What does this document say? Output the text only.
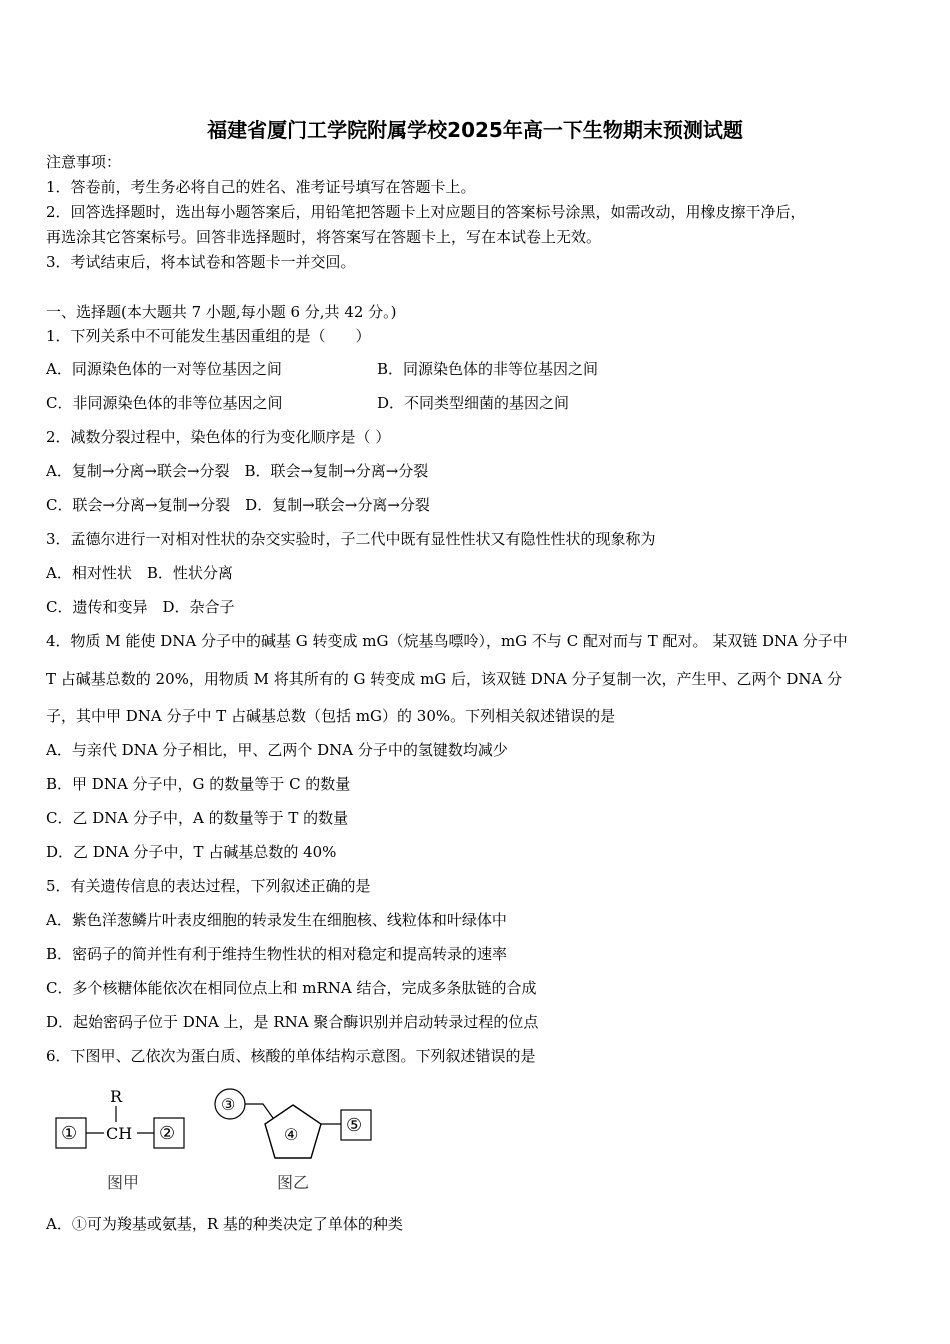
福建省厦门工学院附属学校2025年高一下生物期末预测试题
注意事项：
1．答卷前，考生务必将自己的姓名、准考证号填写在答题卡上。
2．回答选择题时，选出每小题答案后，用铅笔把答题卡上对应题目的答案标号涂黑，如需改动，用橡皮擦干净后，
再选涂其它答案标号。回答非选择题时，将答案写在答题卡上，写在本试卷上无效。
3．考试结束后，将本试卷和答题卡一并交回。
一、选择题(本大题共 7 小题,每小题 6 分,共 42 分。)
1．下列关系中不可能发生基因重组的是（　　）
A．同源染色体的一对等位基因之间	B．同源染色体的非等位基因之间
C．非同源染色体的非等位基因之间	D．不同类型细菌的基因之间
2．减数分裂过程中，染色体的行为变化顺序是（ ）
A．复制→分离→联会→分裂　B．联会→复制→分离→分裂
C．联会→分离→复制→分裂　D．复制→联会→分离→分裂
3．孟德尔进行一对相对性状的杂交实验时，子二代中既有显性性状又有隐性性状的现象称为
A．相对性状　B．性状分离
C．遗传和变异　D．杂合子
4．物质 M 能使 DNA 分子中的碱基 G 转变成 mG（烷基鸟嘌呤），mG 不与 C 配对而与 T 配对。 某双链 DNA 分子中
T 占碱基总数的 20%，用物质 M 将其所有的 G 转变成 mG 后，该双链 DNA 分子复制一次，产生甲、乙两个 DNA 分
子，其中甲 DNA 分子中 T 占碱基总数（包括 mG）的 30%。下列相关叙述错误的是
A．与亲代 DNA 分子相比，甲、乙两个 DNA 分子中的氢键数均减少
B．甲 DNA 分子中，G 的数量等于 C 的数量
C．乙 DNA 分子中，A 的数量等于 T 的数量
D．乙 DNA 分子中，T 占碱基总数的 40%
5．有关遗传信息的表达过程，下列叙述正确的是
A．紫色洋葱鳞片叶表皮细胞的转录发生在细胞核、线粒体和叶绿体中
B．密码子的简并性有利于维持生物性状的相对稳定和提高转录的速率
C．多个核糖体能依次在相同位点上和 mRNA 结合，完成多条肽链的合成
D．起始密码子位于 DNA 上，是 RNA 聚合酶识别并启动转录过程的位点
6．下图甲、乙依次为蛋白质、核酸的单体结构示意图。下列叙述错误的是
R
① CH ②
图甲
③
④	⑤
图乙
A．①可为羧基或氨基，R 基的种类决定了单体的种类
